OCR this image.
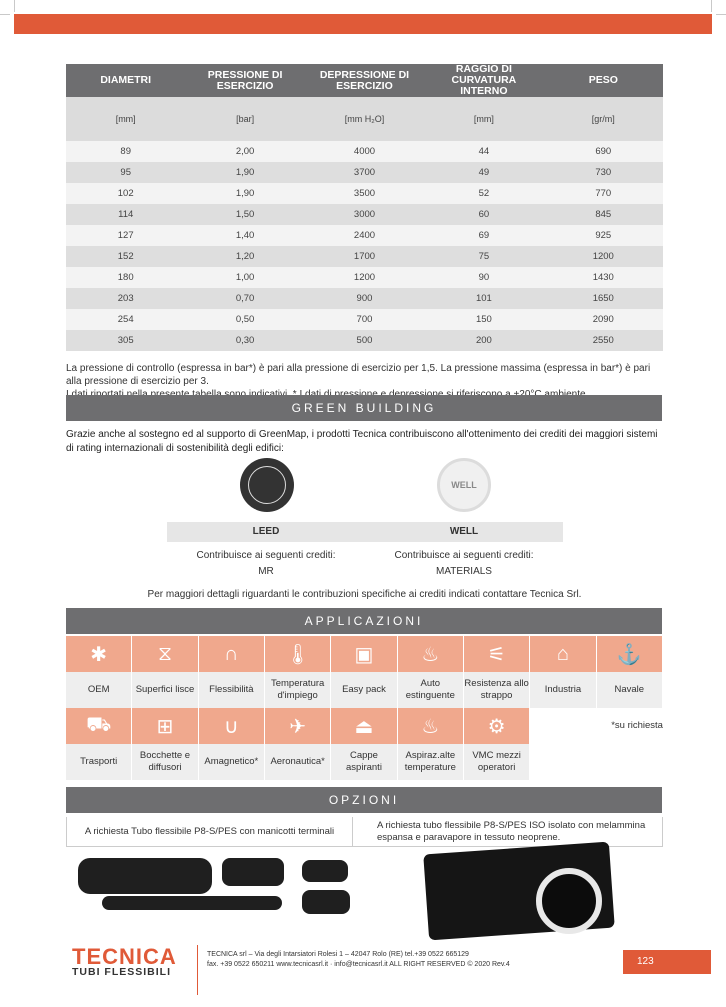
DIAMETRI	PRESSIONE DI ESERCIZIO	DEPRESSIONE DI ESERCIZIO	RAGGIO DI CURVATURA INTERNO	PESO
[mm]	[bar]	[mm H₂O]	[mm]	[gr/m]
89	2,00	4000	44	690
95	1,90	3700	49	730
102	1,90	3500	52	770
114	1,50	3000	60	845
127	1,40	2400	69	925
152	1,20	1700	75	1200
180	1,00	1200	90	1430
203	0,70	900	101	1650
254	0,50	700	150	2090
305	0,30	500	200	2550
La pressione di controllo (espressa in bar*) è pari alla pressione di esercizio per 1,5. La pressione massima (espressa in bar*) è pari alla pressione di esercizio per 3.
GREEN BUILDING
Grazie anche al sostegno ed al supporto di GreenMap, i prodotti Tecnica contribuiscono all'ottenimento dei crediti dei maggiori sistemi di rating internazionali di sostenibilità degli edifici:
WELL
LEED	WELL
Contribuisce ai seguenti crediti:
MR
Contribuisce ai seguenti crediti:
MATERIALS
Per maggiori dettagli riguardanti le contribuzioni specifiche ai crediti indicati contattare Tecnica Srl.
APPLICAZIONI
✱
OEM
⧖
Superfici lisce
∩
Flessibilità
🌡
Temperatura d'impiego
▣
Easy pack
♨
Auto estinguente
⚟
Resistenza allo strappo
⌂
Industria
⚓
Navale
⛟
Trasporti
⊞
Bocchette e diffusori
∪
Amagnetico*
✈
Aeronautica*
⏏
Cappe aspiranti
♨
Aspiraz.alte temperature
⚙
VMC mezzi operatori
*su richiesta
OPZIONI
A richiesta Tubo flessibile P8-S/PES con manicotti terminali
A richiesta tubo flessibile P8-S/PES ISO isolato con melammina espansa e paravapore in tessuto neoprene.
TECNICA
TUBI FLESSIBILI
TECNICA srl – Via degli Intarsiatori Rolesi 1 – 42047 Rolo (RE) tel.+39 0522 665129
fax. +39 0522 650211 www.tecnicasrl.it · info@tecnicasrl.it ALL RIGHT RESERVED © 2020 Rev.4	123
